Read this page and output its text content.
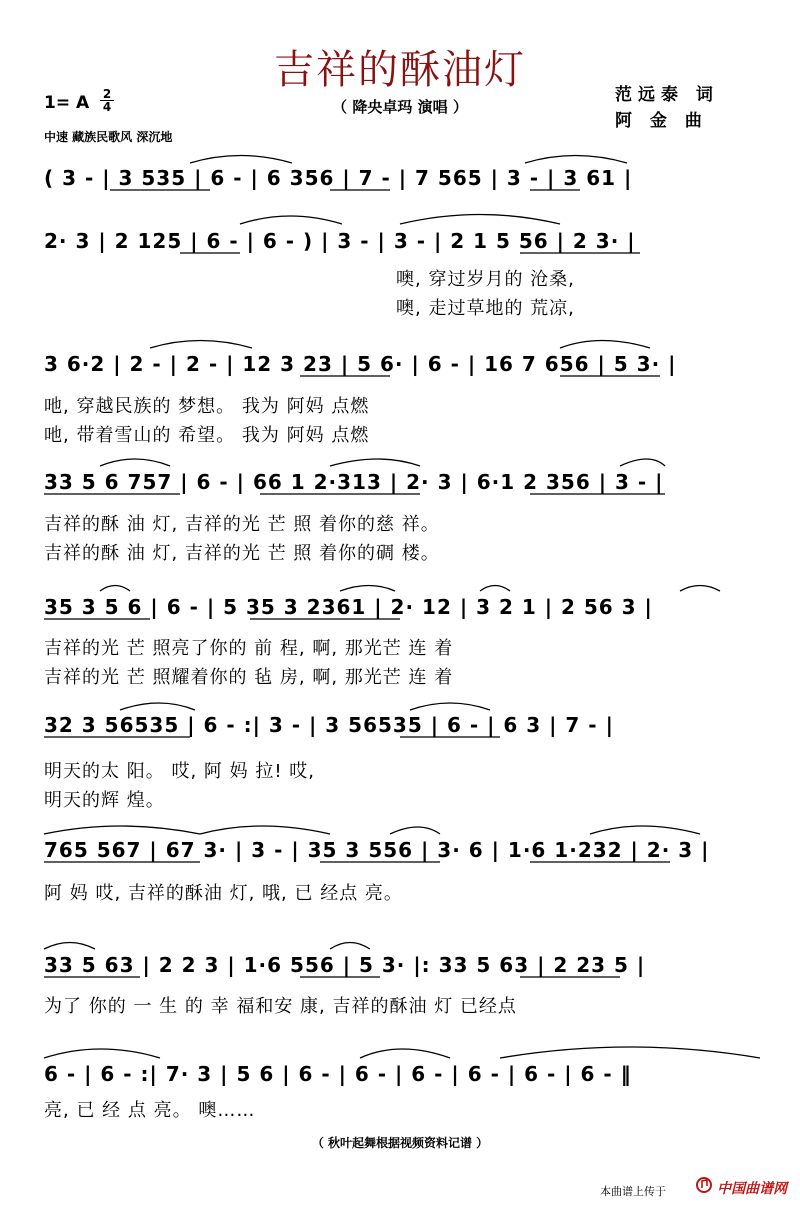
吉祥的酥油灯
（ 降央卓玛 演唱 ）
范远泰 词
阿 金 曲
1= A 2
4
中速 藏族民歌风 深沉地
( 3 - | 3 535 | 6 - | 6 356 | 7 - | 7 565 | 3 - | 3 61 |
2· 3 | 2 125 | 6 - | 6 - ) | 3 - | 3 - | 2 1 5 56 | 2 3· |
噢, 穿过岁月的 沧桑,
噢, 走过草地的 荒凉,
3 6·2 | 2 - | 2 - | 12 3 23 | 5 6· | 6 - | 16 7 656 | 5 3· |
吔, 穿越民族的 梦想。 我为 阿妈 点燃
吔, 带着雪山的 希望。 我为 阿妈 点燃
33 5 6 757 | 6 - | 66 1 2·313 | 2· 3 | 6·1 2 356 | 3 - |
吉祥的酥 油 灯, 吉祥的光 芒 照 着你的慈 祥。
吉祥的酥 油 灯, 吉祥的光 芒 照 着你的碉 楼。
35 3 5 6 | 6 - | 5 35 3 2361 | 2· 12 | 3 2 1 | 2 56 3 |
吉祥的光 芒 照亮了你的 前 程, 啊, 那光芒 连 着
吉祥的光 芒 照耀着你的 毡 房, 啊, 那光芒 连 着
32 3 56535 | 6 - :| 3 - | 3 56535 | 6 - | 6 3 | 7 - |
明天的太 阳。 哎, 阿 妈 拉! 哎,
明天的辉 煌。
765 567 | 67 3· | 3 - | 35 3 556 | 3· 6 | 1·6 1·232 | 2· 3 |
阿 妈 哎, 吉祥的酥油 灯, 哦, 已 经点 亮。
33 5 63 | 2 2 3 | 1·6 556 | 5 3· |: 33 5 63 | 2 23 5 |
为了 你的 一 生 的 幸 福和安 康, 吉祥的酥油 灯 已经点
6 - | 6 - :| 7· 3 | 5 6 | 6 - | 6 - | 6 - | 6 - | 6 - | 6 - ‖
亮, 已 经 点 亮。 噢……
（ 秋叶起舞根据视频资料记谱 ）
本曲谱上传于	中国曲谱网
